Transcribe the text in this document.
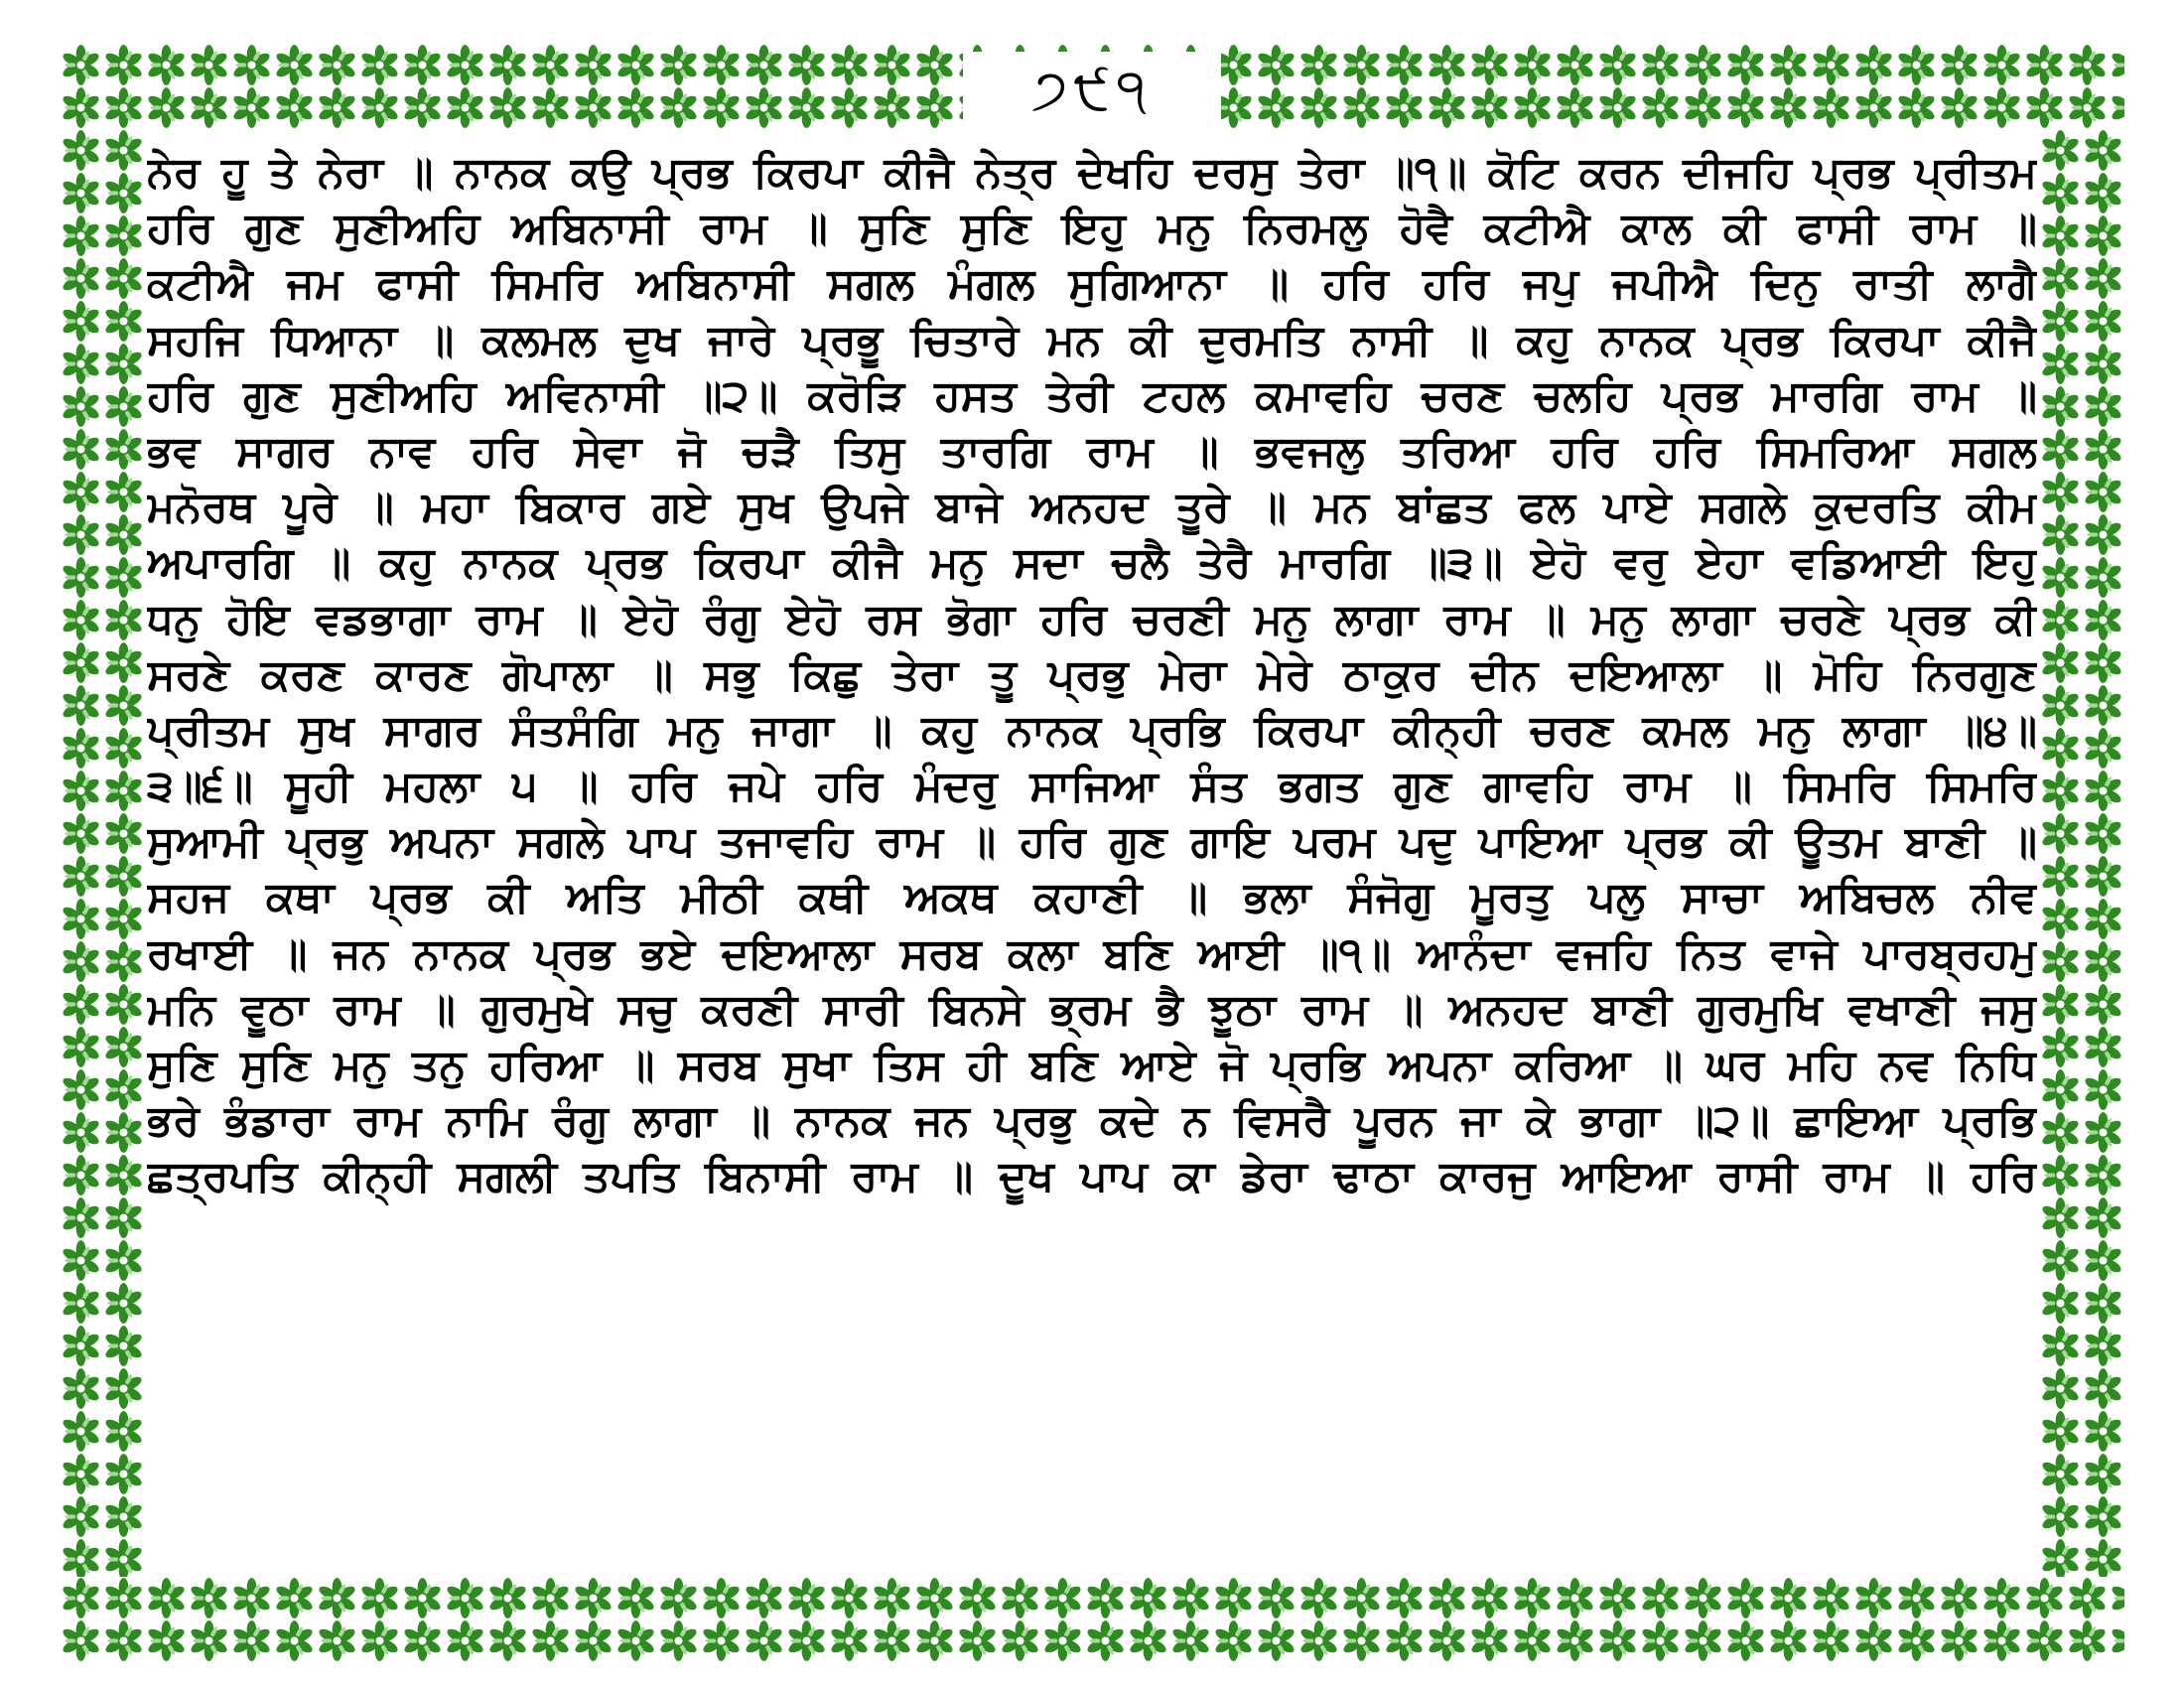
੭੯੧
ਨੇਰ ਹੂ ਤੇ ਨੇਰਾ ॥ ਨਾਨਕ ਕਉ ਪ੍ਰਭ ਕਿਰਪਾ ਕੀਜੈ ਨੇਤ੍ਰ ਦੇਖਹਿ ਦਰਸੁ ਤੇਰਾ ॥੧॥ ਕੋਟਿ ਕਰਨ ਦੀਜਹਿ ਪ੍ਰਭ ਪ੍ਰੀਤਮ
ਹਰਿ ਗੁਣ ਸੁਣੀਅਹਿ ਅਬਿਨਾਸੀ ਰਾਮ ॥ ਸੁਣਿ ਸੁਣਿ ਇਹੁ ਮਨੁ ਨਿਰਮਲੁ ਹੋਵੈ ਕਟੀਐ ਕਾਲ ਕੀ ਫਾਸੀ ਰਾਮ ॥
ਕਟੀਐ ਜਮ ਫਾਸੀ ਸਿਮਰਿ ਅਬਿਨਾਸੀ ਸਗਲ ਮੰਗਲ ਸੁਗਿਆਨਾ ॥ ਹਰਿ ਹਰਿ ਜਪੁ ਜਪੀਐ ਦਿਨੁ ਰਾਤੀ ਲਾਗੈ
ਸਹਜਿ ਧਿਆਨਾ ॥ ਕਲਮਲ ਦੁਖ ਜਾਰੇ ਪ੍ਰਭੂ ਚਿਤਾਰੇ ਮਨ ਕੀ ਦੁਰਮਤਿ ਨਾਸੀ ॥ ਕਹੁ ਨਾਨਕ ਪ੍ਰਭ ਕਿਰਪਾ ਕੀਜੈ
ਹਰਿ ਗੁਣ ਸੁਣੀਅਹਿ ਅਵਿਨਾਸੀ ॥੨॥ ਕਰੋੜਿ ਹਸਤ ਤੇਰੀ ਟਹਲ ਕਮਾਵਹਿ ਚਰਣ ਚਲਹਿ ਪ੍ਰਭ ਮਾਰਗਿ ਰਾਮ ॥
ਭਵ ਸਾਗਰ ਨਾਵ ਹਰਿ ਸੇਵਾ ਜੋ ਚੜੈ ਤਿਸੁ ਤਾਰਗਿ ਰਾਮ ॥ ਭਵਜਲੁ ਤਰਿਆ ਹਰਿ ਹਰਿ ਸਿਮਰਿਆ ਸਗਲ
ਮਨੋਰਥ ਪੂਰੇ ॥ ਮਹਾ ਬਿਕਾਰ ਗਏ ਸੁਖ ਉਪਜੇ ਬਾਜੇ ਅਨਹਦ ਤੂਰੇ ॥ ਮਨ ਬਾਂਛਤ ਫਲ ਪਾਏ ਸਗਲੇ ਕੁਦਰਤਿ ਕੀਮ
ਅਪਾਰਗਿ ॥ ਕਹੁ ਨਾਨਕ ਪ੍ਰਭ ਕਿਰਪਾ ਕੀਜੈ ਮਨੁ ਸਦਾ ਚਲੈ ਤੇਰੈ ਮਾਰਗਿ ॥੩॥ ਏਹੋ ਵਰੁ ਏਹਾ ਵਡਿਆਈ ਇਹੁ
ਧਨੁ ਹੋਇ ਵਡਭਾਗਾ ਰਾਮ ॥ ਏਹੋ ਰੰਗੁ ਏਹੋ ਰਸ ਭੋਗਾ ਹਰਿ ਚਰਣੀ ਮਨੁ ਲਾਗਾ ਰਾਮ ॥ ਮਨੁ ਲਾਗਾ ਚਰਣੇ ਪ੍ਰਭ ਕੀ
ਸਰਣੇ ਕਰਣ ਕਾਰਣ ਗੋਪਾਲਾ ॥ ਸਭੁ ਕਿਛੁ ਤੇਰਾ ਤੂ ਪ੍ਰਭੁ ਮੇਰਾ ਮੇਰੇ ਠਾਕੁਰ ਦੀਨ ਦਇਆਲਾ ॥ ਮੋਹਿ ਨਿਰਗੁਣ
ਪ੍ਰੀਤਮ ਸੁਖ ਸਾਗਰ ਸੰਤਸੰਗਿ ਮਨੁ ਜਾਗਾ ॥ ਕਹੁ ਨਾਨਕ ਪ੍ਰਭਿ ਕਿਰਪਾ ਕੀਨ੍ਹੀ ਚਰਣ ਕਮਲ ਮਨੁ ਲਾਗਾ ॥੪॥
੩॥੬॥ ਸੂਹੀ ਮਹਲਾ ੫ ॥ ਹਰਿ ਜਪੇ ਹਰਿ ਮੰਦਰੁ ਸਾਜਿਆ ਸੰਤ ਭਗਤ ਗੁਣ ਗਾਵਹਿ ਰਾਮ ॥ ਸਿਮਰਿ ਸਿਮਰਿ
ਸੁਆਮੀ ਪ੍ਰਭੁ ਅਪਨਾ ਸਗਲੇ ਪਾਪ ਤਜਾਵਹਿ ਰਾਮ ॥ ਹਰਿ ਗੁਣ ਗਾਇ ਪਰਮ ਪਦੁ ਪਾਇਆ ਪ੍ਰਭ ਕੀ ਊਤਮ ਬਾਣੀ ॥
ਸਹਜ ਕਥਾ ਪ੍ਰਭ ਕੀ ਅਤਿ ਮੀਠੀ ਕਥੀ ਅਕਥ ਕਹਾਣੀ ॥ ਭਲਾ ਸੰਜੋਗੁ ਮੂਰਤੁ ਪਲੁ ਸਾਚਾ ਅਬਿਚਲ ਨੀਵ
ਰਖਾਈ ॥ ਜਨ ਨਾਨਕ ਪ੍ਰਭ ਭਏ ਦਇਆਲਾ ਸਰਬ ਕਲਾ ਬਣਿ ਆਈ ॥੧॥ ਆਨੰਦਾ ਵਜਹਿ ਨਿਤ ਵਾਜੇ ਪਾਰਬ੍ਰਹਮੁ
ਮਨਿ ਵੂਠਾ ਰਾਮ ॥ ਗੁਰਮੁਖੇ ਸਚੁ ਕਰਣੀ ਸਾਰੀ ਬਿਨਸੇ ਭ੍ਰਮ ਭੈ ਝੂਠਾ ਰਾਮ ॥ ਅਨਹਦ ਬਾਣੀ ਗੁਰਮੁਖਿ ਵਖਾਣੀ ਜਸੁ
ਸੁਣਿ ਸੁਣਿ ਮਨੁ ਤਨੁ ਹਰਿਆ ॥ ਸਰਬ ਸੁਖਾ ਤਿਸ ਹੀ ਬਣਿ ਆਏ ਜੋ ਪ੍ਰਭਿ ਅਪਨਾ ਕਰਿਆ ॥ ਘਰ ਮਹਿ ਨਵ ਨਿਧਿ
ਭਰੇ ਭੰਡਾਰਾ ਰਾਮ ਨਾਮਿ ਰੰਗੁ ਲਾਗਾ ॥ ਨਾਨਕ ਜਨ ਪ੍ਰਭੁ ਕਦੇ ਨ ਵਿਸਰੈ ਪੂਰਨ ਜਾ ਕੇ ਭਾਗਾ ॥੨॥ ਛਾਇਆ ਪ੍ਰਭਿ
ਛਤ੍ਰਪਤਿ ਕੀਨ੍ਹੀ ਸਗਲੀ ਤਪਤਿ ਬਿਨਾਸੀ ਰਾਮ ॥ ਦੂਖ ਪਾਪ ਕਾ ਡੇਰਾ ਢਾਠਾ ਕਾਰਜੁ ਆਇਆ ਰਾਸੀ ਰਾਮ ॥ ਹਰਿ
